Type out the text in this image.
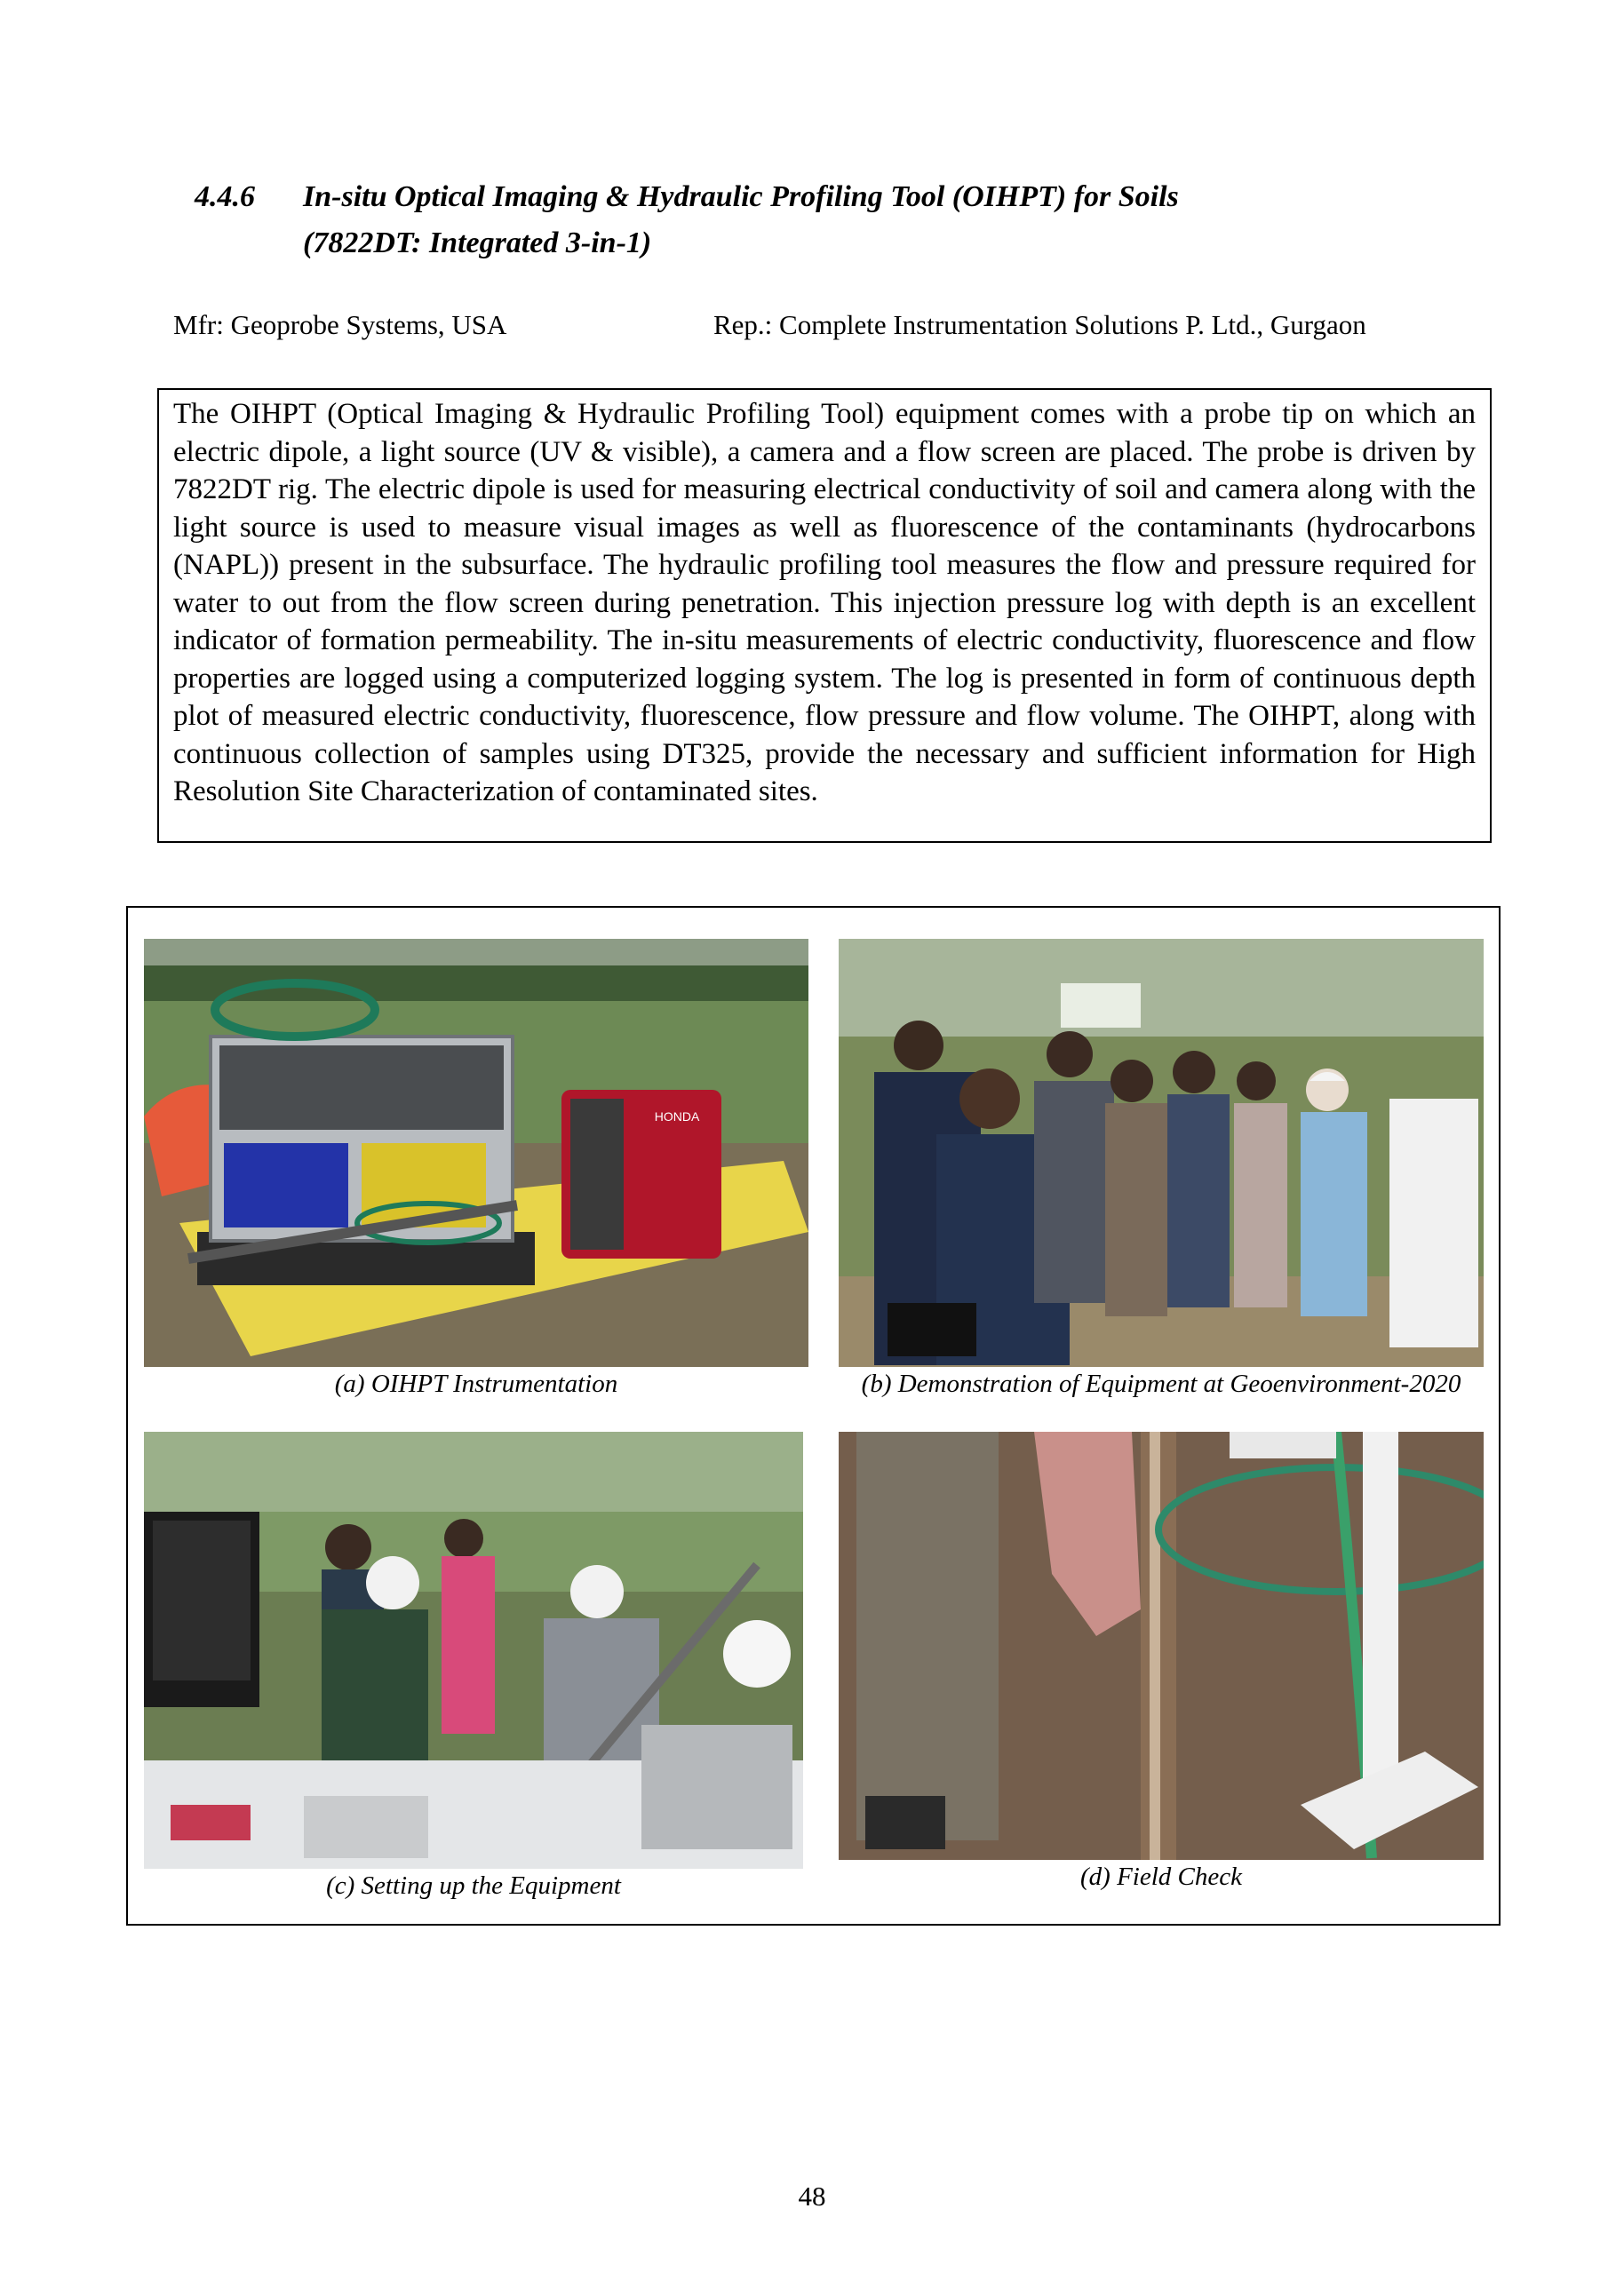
4.4.6 In-situ Optical Imaging & Hydraulic Profiling Tool (OIHPT) for Soils
(7822DT: Integrated 3-in-1)
Mfr: Geoprobe Systems, USA	Rep.: Complete Instrumentation Solutions P. Ltd., Gurgaon

The OIHPT (Optical Imaging & Hydraulic Profiling Tool) equipment comes with a probe tip on which an electric dipole, a light source (UV & visible), a camera and a flow screen are placed. The probe is driven by 7822DT rig. The electric dipole is used for measuring electrical conductivity of soil and camera along with the light source is used to measure visual images as well as fluorescence of the contaminants (hydrocarbons (NAPL)) present in the subsurface. The hydraulic profiling tool measures the flow and pressure required for water to out from the flow screen during penetration. This injection pressure log with depth is an excellent indicator of formation permeability. The in-situ measurements of electric conductivity, fluorescence and flow properties are logged using a computerized logging system. The log is presented in form of continuous depth plot of measured electric conductivity, fluorescence, flow pressure and flow volume. The OIHPT, along with continuous collection of samples using DT325, provide the necessary and sufficient information for High Resolution Site Characterization of contaminated sites.

HONDA
(a) OIHPT Instrumentation	(b) Demonstration of Equipment at Geoenvironment-2020
(c) Setting up the Equipment	(d) Field Check
48
